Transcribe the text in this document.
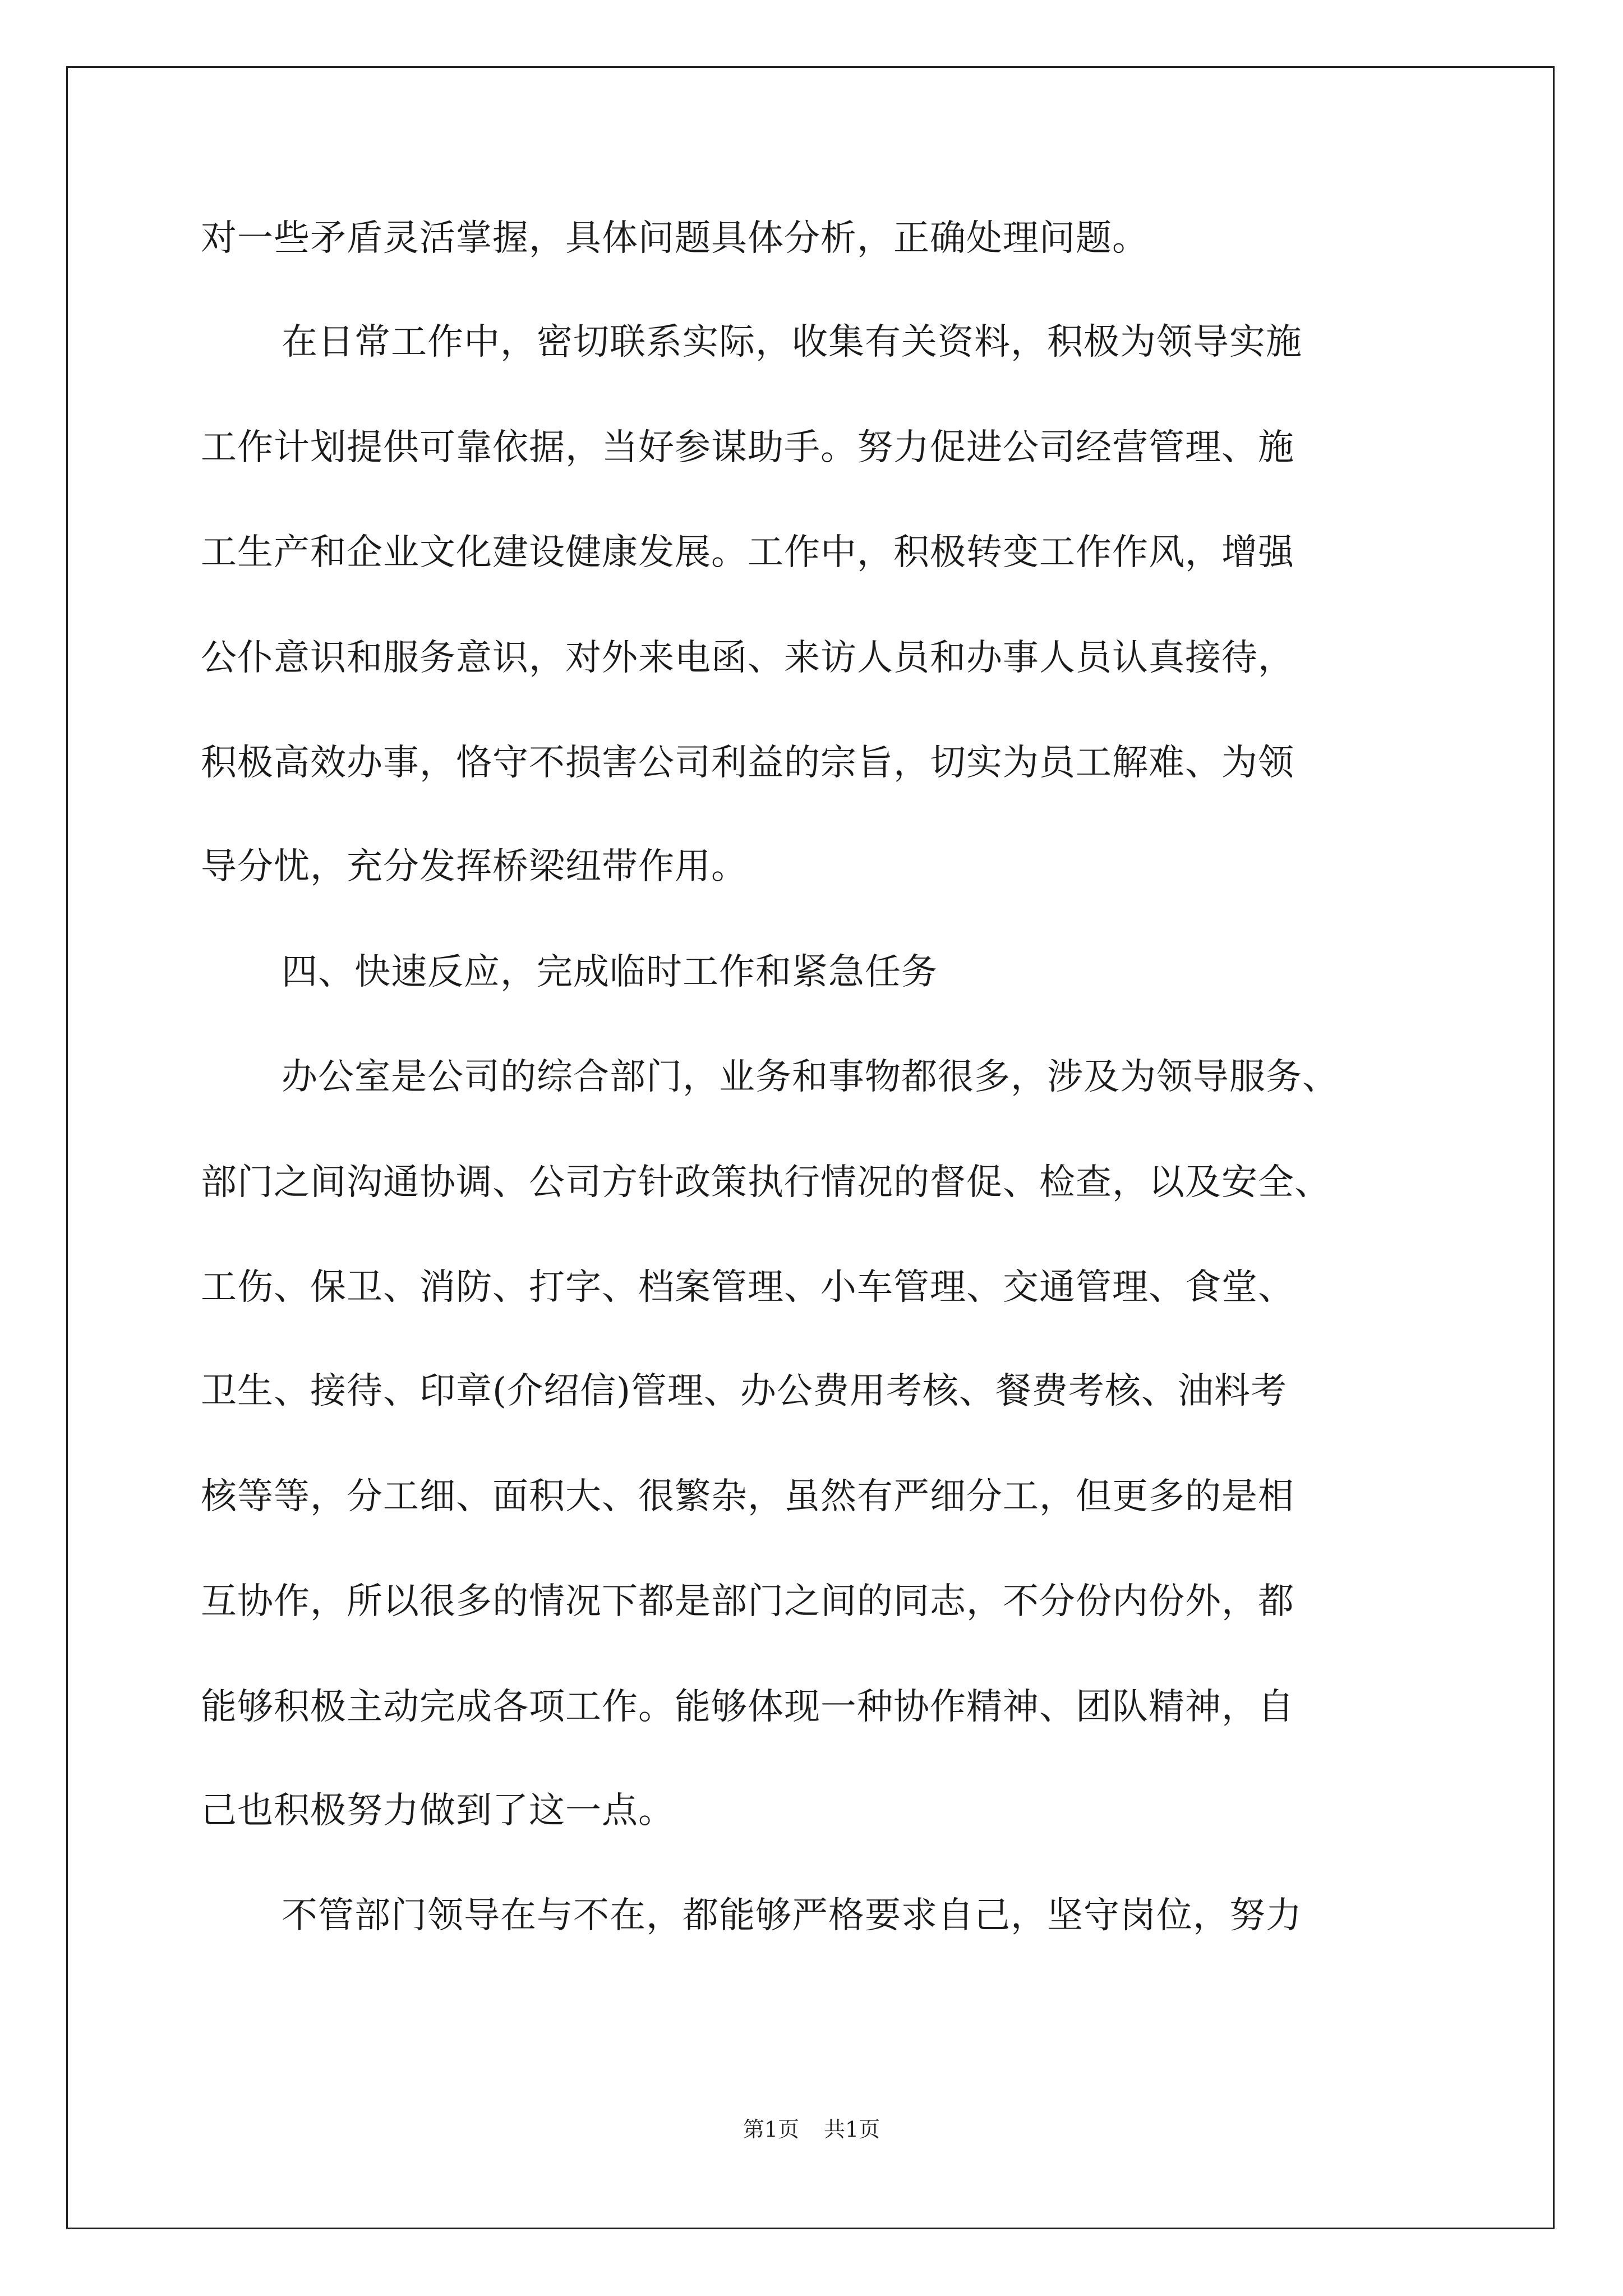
对一些矛盾灵活掌握，具体问题具体分析，正确处理问题。
在日常工作中，密切联系实际，收集有关资料，积极为领导实施
工作计划提供可靠依据，当好参谋助手。努力促进公司经营管理、施
工生产和企业文化建设健康发展。工作中，积极转变工作作风，增强
公仆意识和服务意识，对外来电函、来访人员和办事人员认真接待，
积极高效办事，恪守不损害公司利益的宗旨，切实为员工解难、为领
导分忧，充分发挥桥梁纽带作用。
四、快速反应，完成临时工作和紧急任务
办公室是公司的综合部门，业务和事物都很多，涉及为领导服务、
部门之间沟通协调、公司方针政策执行情况的督促、检查，以及安全、
工伤、保卫、消防、打字、档案管理、小车管理、交通管理、食堂、
卫生、接待、印章(介绍信)管理、办公费用考核、餐费考核、油料考
核等等，分工细、面积大、很繁杂，虽然有严细分工，但更多的是相
互协作，所以很多的情况下都是部门之间的同志，不分份内份外，都
能够积极主动完成各项工作。能够体现一种协作精神、团队精神，自
己也积极努力做到了这一点。
不管部门领导在与不在，都能够严格要求自己，坚守岗位，努力
第1页 共1页
